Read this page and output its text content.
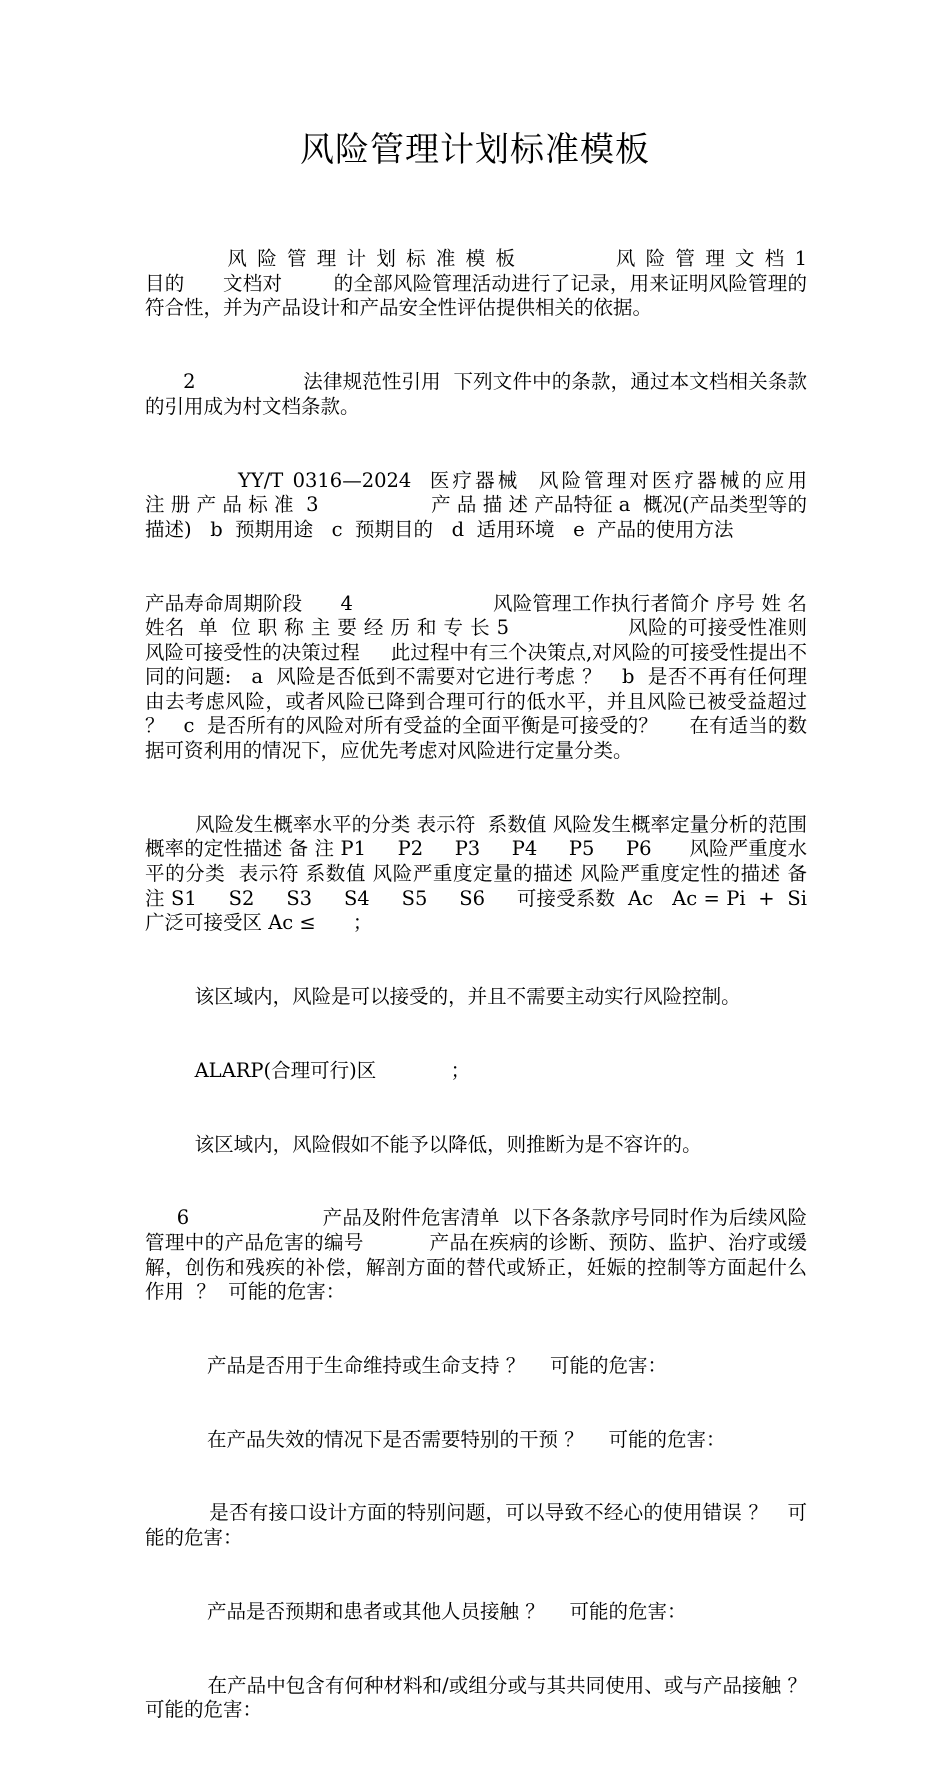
风险管理计划标准模板

风 险 管 理 计 划 标 准 模 板            风 险 管 理 文 档 1                  目的      文档对        的全部风险管理活动进行了记录，用来证明风险管理的符合性，并为产品设计和产品安全性评估提供相关的依据。

2                 法律规范性引用  下列文件中的条款，通过本文档相关条款的引用成为村文档条款。

YY/T 0316—2024  医疗器械  风险管理对医疗器械的应用            注 册 产 品 标 准  3                  产 品 描 述 产品特征 a  概况(产品类型等的描述)   b  预期用途   c  预期目的   d  适用环境   e  产品的使用方法

产品寿命周期阶段      4                      风险管理工作执行者简介 序号 姓 名 姓名  单  位 职 称 主 要 经 历 和 专 长 5                  风险的可接受性准则   风险可接受性的决策过程     此过程中有三个决策点,对风险的可接受性提出不同的问题:   a  风险是否低到不需要对它进行考虑 ？   b  是否不再有任何理由去考虑风险，或者风险已降到合理可行的低水平，并且风险已被受益超过 ？   c  是否所有的风险对所有受益的全面平衡是可接受的？     在有适当的数据可资利用的情况下，应优先考虑对风险进行定量分类。

风险发生概率水平的分类 表示符  系数值 风险发生概率定量分析的范围 概率的定性描述 备 注 P1     P2     P3     P4     P5     P6      风险严重度水平的分类  表示符 系数值 风险严重度定量的描述 风险严重度定性的描述 备 注 S1     S2     S3     S4     S5     S6     可接受系数  Ac   Ac = Pi  +  Si   广泛可接受区 Ac ≤      ；

该区域内，风险是可以接受的，并且不需要主动实行风险控制。

ALARP(合理可行)区            ；

该区域内，风险假如不能予以降低，则推断为是不容许的。

6                     产品及附件危害清单  以下各条款序号同时作为后续风险管理中的产品危害的编号          产品在疾病的诊断、预防、监护、治疗或缓解，创伤和残疾的补偿，解剖方面的替代或矫正，妊娠的控制等方面起什么作用  ？  可能的危害：

产品是否用于生命维持或生命支持 ？    可能的危害：

在产品失效的情况下是否需要特别的干预 ？    可能的危害：

是否有接口设计方面的特别问题，可以导致不经心的使用错误 ？   可能的危害：

产品是否预期和患者或其他人员接触 ？    可能的危害：

在产品中包含有何种材料和/或组分或与其共同使用、或与产品接触 ？   可能的危害：
